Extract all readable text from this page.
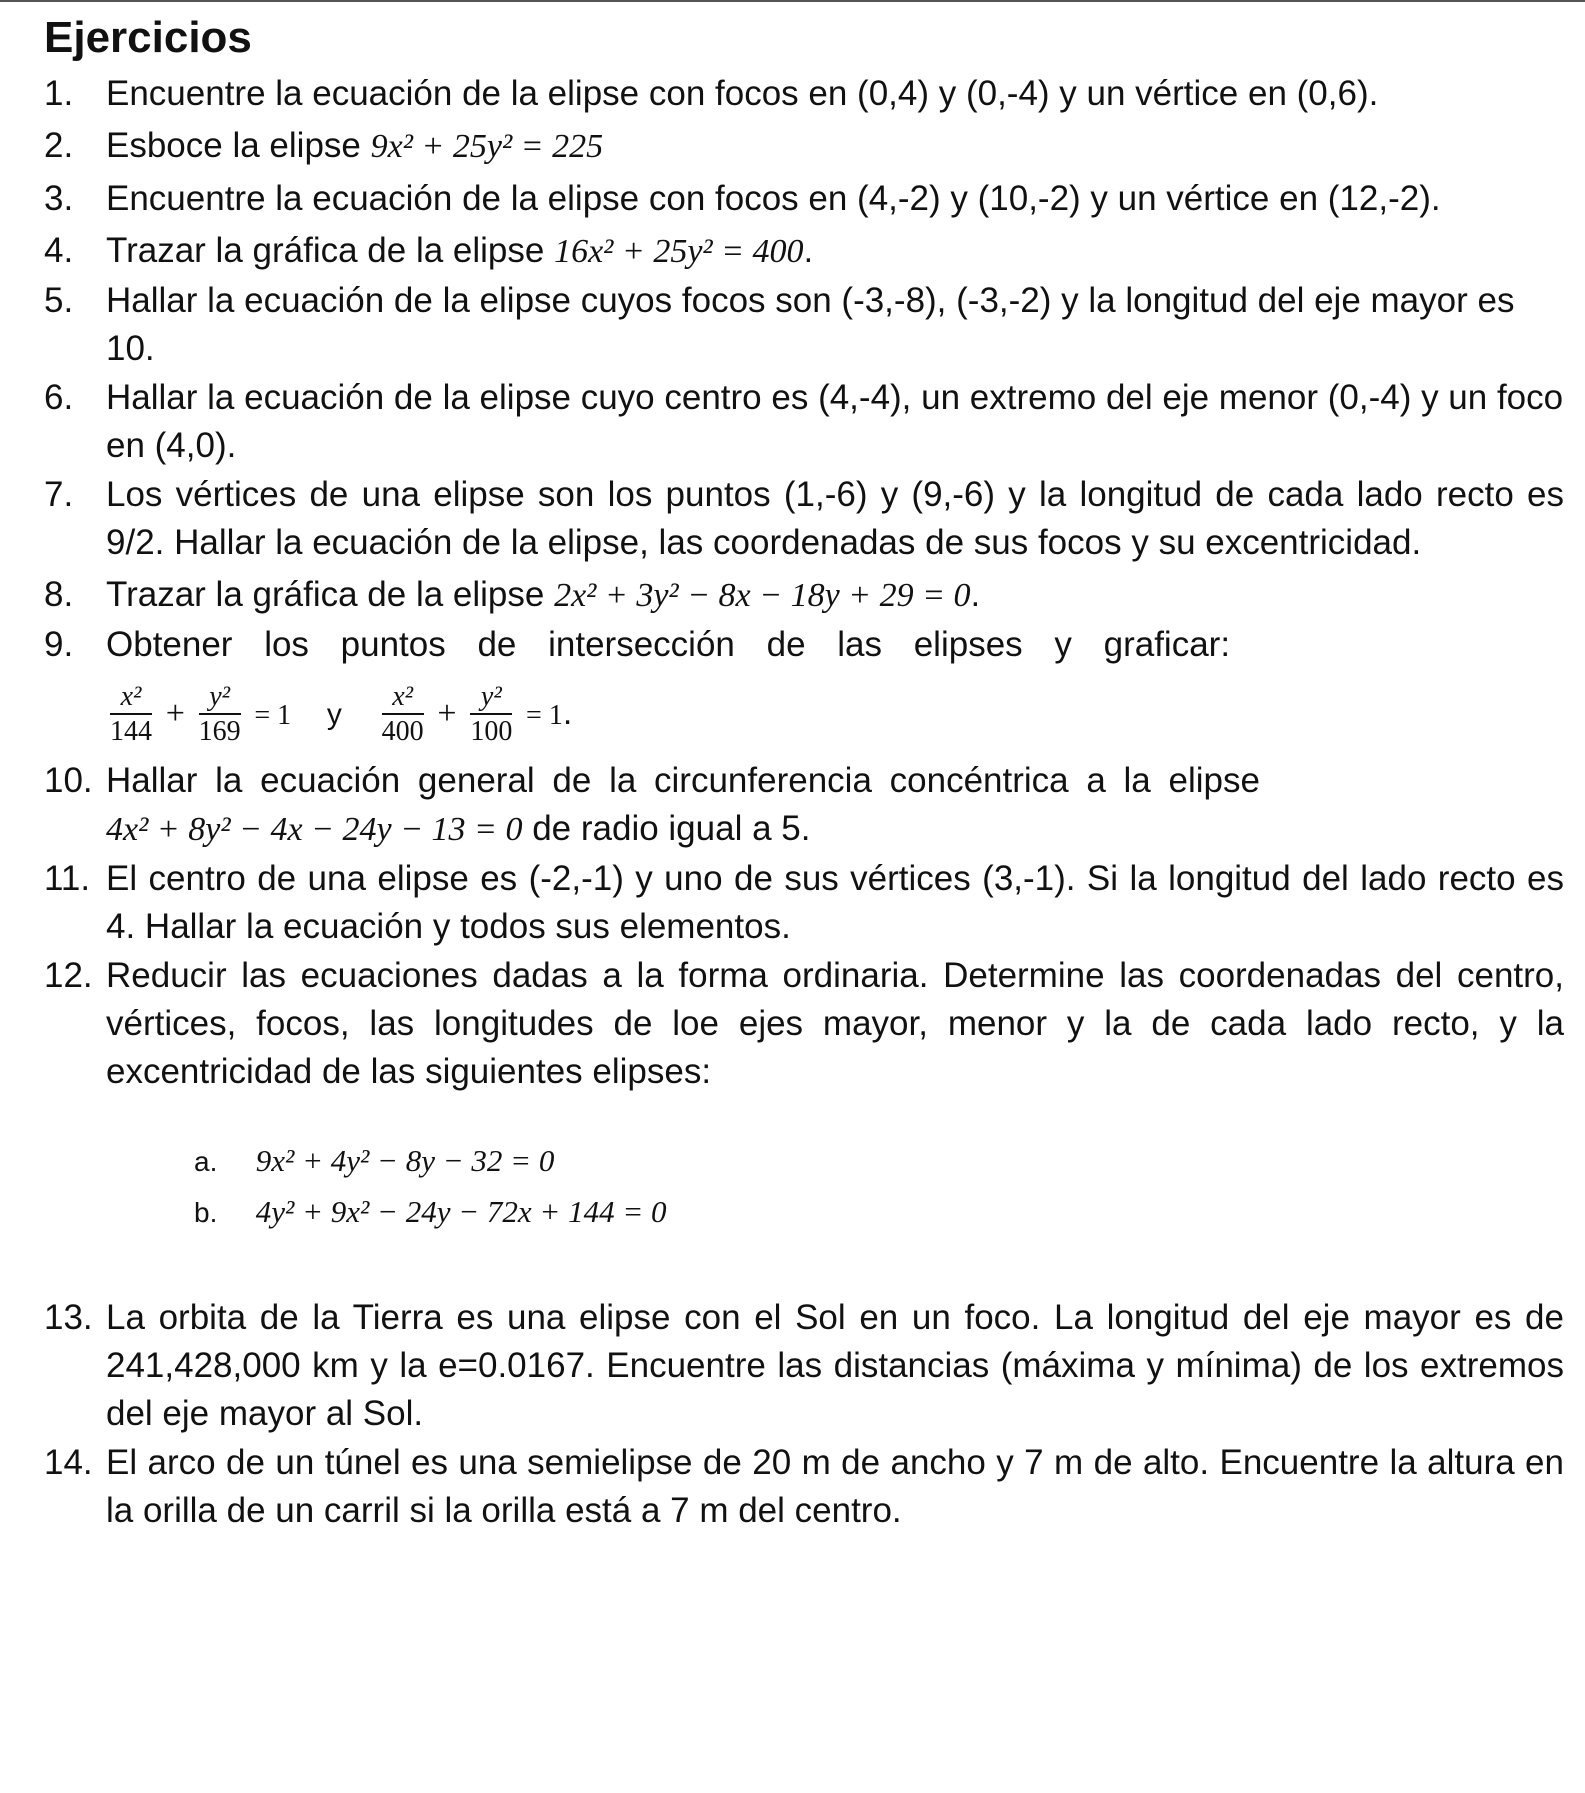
Ejercicios
1. Encuentre la ecuación de la elipse con focos en (0,4) y (0,-4) y un vértice en (0,6).
2. Esboce la elipse 9x² + 25y² = 225
3. Encuentre la ecuación de la elipse con focos en (4,-2) y (10,-2) y un vértice en (12,-2).
4. Trazar la gráfica de la elipse 16x² + 25y² = 400.
5. Hallar la ecuación de la elipse cuyos focos son (-3,-8), (-3,-2) y la longitud del eje mayor es 10.
6. Hallar la ecuación de la elipse cuyo centro es (4,-4), un extremo del eje menor (0,-4) y un foco en (4,0).
7. Los vértices de una elipse son los puntos (1,-6) y (9,-6) y la longitud de cada lado recto es 9/2. Hallar la ecuación de la elipse, las coordenadas de sus focos y su excentricidad.
8. Trazar la gráfica de la elipse 2x² + 3y² − 8x − 18y + 29 = 0.
9. Obtener los puntos de intersección de las elipses y graficar:
$\frac{\text{x²}}{144} + \frac{\text{y²}}{169} = 1$ y $\frac{\text{x²}}{400} + \frac{\text{y²}}{100} = 1$.
10. Hallar la ecuación general de la circunferencia concéntrica a la elipse
4x² + 8y² − 4x − 24y − 13 = 0 de radio igual a 5.
11. El centro de una elipse es (-2,-1) y uno de sus vértices (3,-1). Si la longitud del lado recto es 4. Hallar la ecuación y todos sus elementos.
12. Reducir las ecuaciones dadas a la forma ordinaria. Determine las coordenadas del centro, vértices, focos, las longitudes de loe ejes mayor, menor y la de cada lado recto, y la excentricidad de las siguientes elipses:
a. 9x² + 4y² − 8y − 32 = 0
b. 4y² + 9x² − 24y − 72x + 144 = 0
13. La orbita de la Tierra es una elipse con el Sol en un foco. La longitud del eje mayor es de 241,428,000 km y la e=0.0167. Encuentre las distancias (máxima y mínima) de los extremos del eje mayor al Sol.
14. El arco de un túnel es una semielipse de 20 m de ancho y 7 m de alto. Encuentre la altura en la orilla de un carril si la orilla está a 7 m del centro.
